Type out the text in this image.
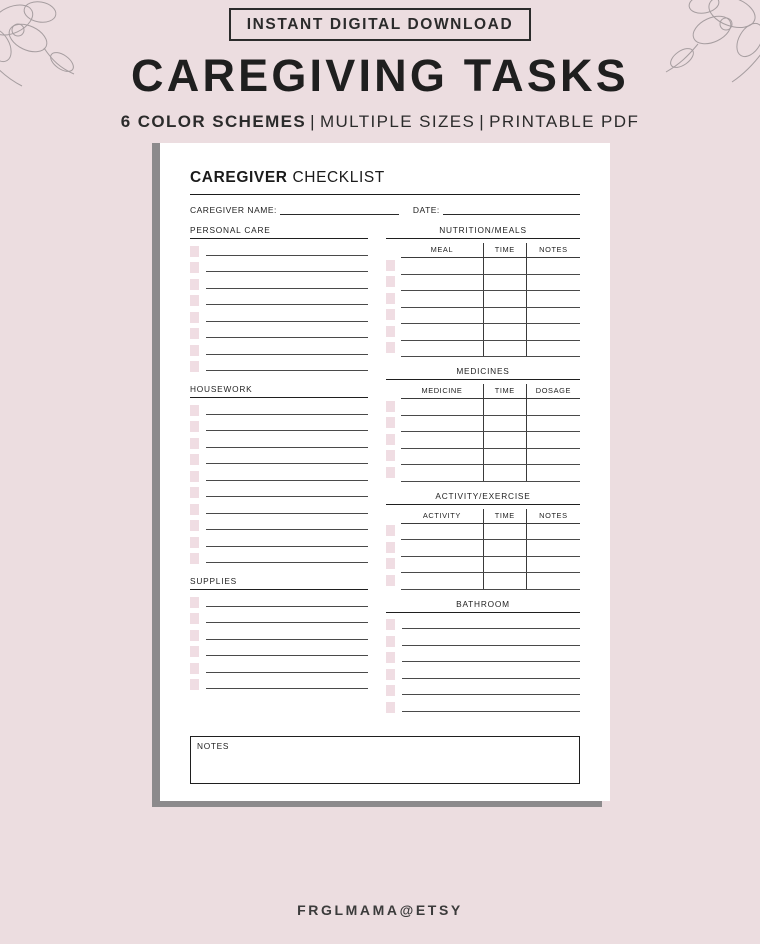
INSTANT DIGITAL DOWNLOAD
CAREGIVING TASKS
6 COLOR SCHEMES | MULTIPLE SIZES | PRINTABLE PDF
CAREGIVER CHECKLIST
CAREGIVER NAME:	DATE:
PERSONAL CARE
HOUSEWORK
SUPPLIES
NUTRITION/MEALS
MEAL	TIME	NOTES

MEDICINES
MEDICINE	TIME	DOSAGE

ACTIVITY/EXERCISE
ACTIVITY	TIME	NOTES

BATHROOM
NOTES
FRGLMAMA@ETSY
